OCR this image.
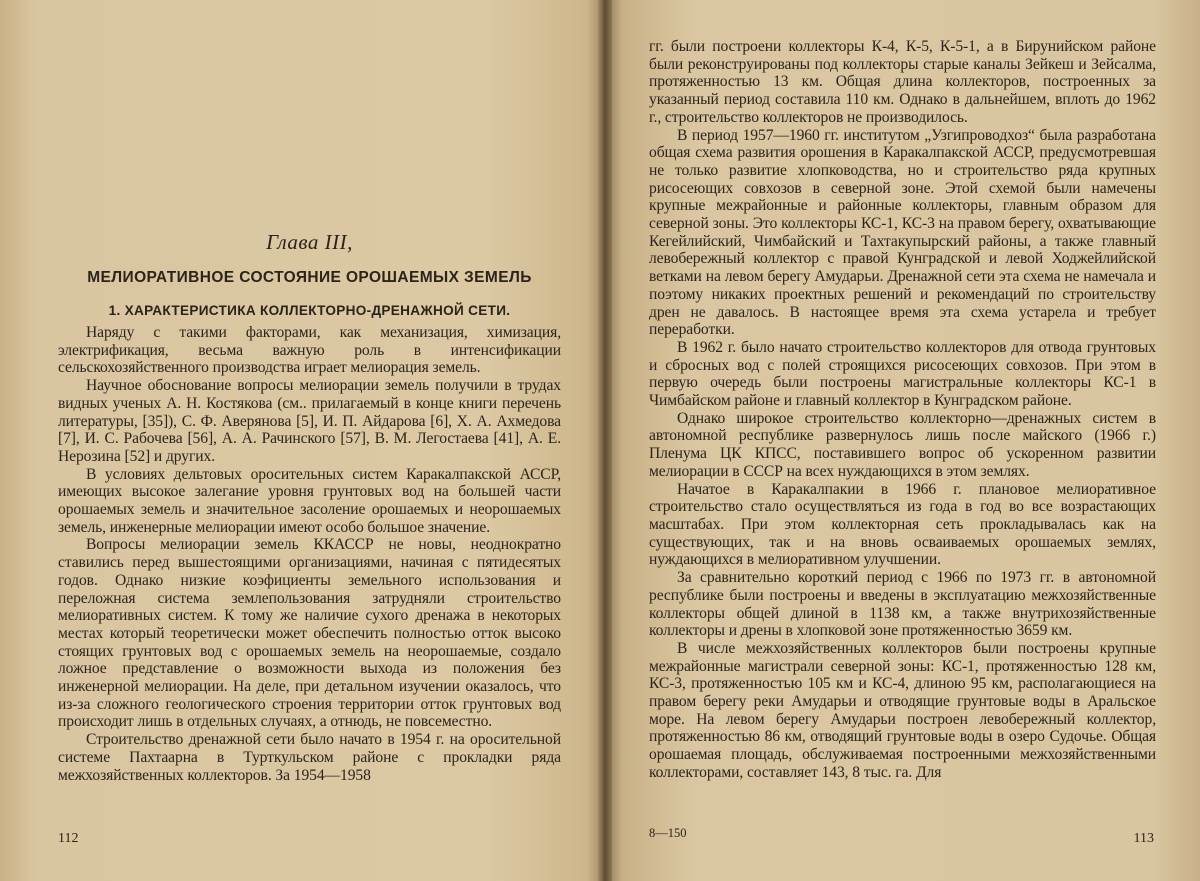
Глава III,
МЕЛИОРАТИВНОЕ СОСТОЯНИЕ ОРОШАЕМЫХ ЗЕМЕЛЬ
1. ХАРАКТЕРИСТИКА КОЛЛЕКТОРНО-ДРЕНАЖНОЙ СЕТИ.

Наряду с такими факторами, как механизация, химизация, электрификация, весьма важную роль в интенсификации сельскохозяйственного производства играет мелиорация земель.

Научное обоснование вопросы мелиорации земель получили в трудах видных ученых А. Н. Костякова (см.. прилагаемый в конце книги перечень литературы, [35]), С. Ф. Аверянова [5], И. П. Айдарова [6], Х. А. Ахмедова [7], И. С. Рабочева [56], А. А. Рачинского [57], В. М. Легостаева [41], А. Е. Нерозина [52] и других.

В условиях дельтовых оросительных систем Каракалпакской АССР, имеющих высокое залегание уровня грунтовых вод на большей части орошаемых земель и значительное засоление орошаемых и неорошаемых земель, инженерные мелиорации имеют особо большое значение.

Вопросы мелиорации земель ККАССР не новы, неоднократно ставились перед вышестоящими организациями, начиная с пятидесятых годов. Однако низкие коэфициенты земельного использования и переложная система землепользования затрудняли строительство мелиоративных систем. К тому же наличие сухого дренажа в некоторых местах который теоретически может обеспечить полностью отток высоко стоящих грунтовых вод с орошаемых земель на неорошаемые, создало ложное представление о возможности выхода из положения без инженерной мелиорации. На деле, при детальном изучении оказалось, что из-за сложного геологического строения территории отток грунтовых вод происходит лишь в отдельных случаях, а отнюдь, не повсеместно.

Строительство дренажной сети было начато в 1954 г. на оросительной системе Пахтаарна в Турткульском районе с прокладки ряда межхозяйственных коллекторов. За 1954—1958

112

гг. были построени коллекторы К-4, К-5, К-5-1, а в Бирунийском районе были реконструированы под коллекторы старые каналы Зейкеш и Зейсалма, протяженностью 13 км. Общая длина коллекторов, построенных за указанный период составила 110 км. Однако в дальнейшем, вплоть до 1962 г., строительство коллекторов не производилось.

В период 1957—1960 гг. институтом „Узгипроводхоз“ была разработана общая схема развития орошения в Каракалпакской АССР, предусмотревшая не только развитие хлопководства, но и строительство ряда крупных рисосеющих совхозов в северной зоне. Этой схемой были намечены крупные межрайонные и районные коллекторы, главным образом для северной зоны. Это коллекторы КС-1, КС-3 на правом берегу, охватывающие Кегейлийский, Чимбайский и Тахтакупырский районы, а также главный левобережный коллектор с правой Кунградской и левой Ходжейлийской ветками на левом берегу Амударьи. Дренажной сети эта схема не намечала и поэтому никаких проектных решений и рекомендаций по строительству дрен не давалось. В настоящее время эта схема устарела и требует переработки.

В 1962 г. было начато строительство коллекторов для отвода грунтовых и сбросных вод с полей строящихся рисосеющих совхозов. При этом в первую очередь были построены магистральные коллекторы КС-1 в Чимбайском районе и главный коллектор в Кунградском районе.

Однако широкое строительство коллекторно—дренажных систем в автономной республике развернулось лишь после майского (1966 г.) Пленума ЦК КПСС, поставившего вопрос об ускоренном развитии мелиорации в СССР на всех нуждающихся в этом землях.

Начатое в Каракалпакии в 1966 г. плановое мелиоративное строительство стало осуществляться из года в год во все возрастающих масштабах. При этом коллекторная сеть прокладывалась как на существующих, так и на вновь осваиваемых орошаемых землях, нуждающихся в мелиоративном улучшении.

За сравнительно короткий период с 1966 по 1973 гг. в автономной республике были построены и введены в эксплуатацию межхозяйственные коллекторы общей длиной в 1138 км, а также внутрихозяйственные коллекторы и дрены в хлопковой зоне протяженностью 3659 км.

В числе межхозяйственных коллекторов были построены крупные межрайонные магистрали северной зоны: КС-1, протяженностью 128 км, КС-3, протяженностью 105 км и КС-4, длиною 95 км, располагающиеся на правом берегу реки Амударьи и отводящие грунтовые воды в Аральское море. На левом берегу Амударьи построен левобережный коллектор, протяженностью 86 км, отводящий грунтовые воды в озеро Судочье. Общая орошаемая площадь, обслуживаемая построенными межхозяйственными коллекторами, составляет 143, 8 тыс. га. Для

8—150	113
